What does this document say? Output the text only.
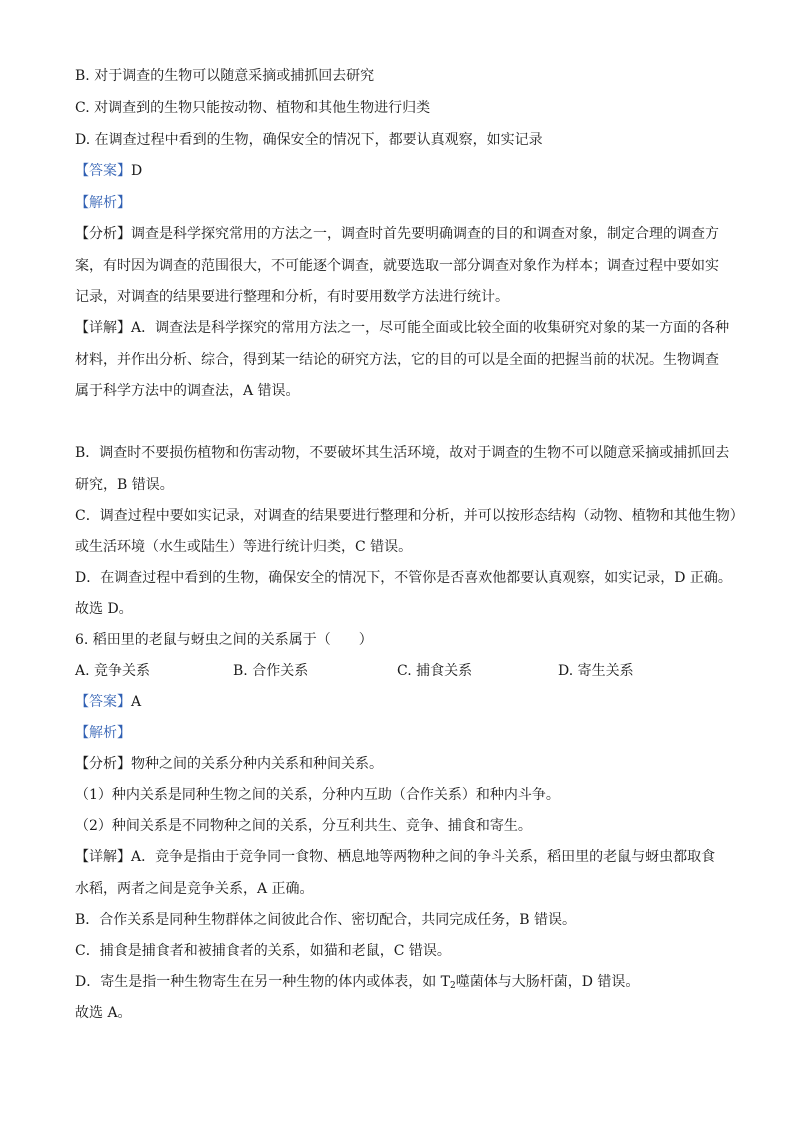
B. 对于调查的生物可以随意采摘或捕抓回去研究
C. 对调查到的生物只能按动物、植物和其他生物进行归类
D. 在调查过程中看到的生物，确保安全的情况下，都要认真观察，如实记录
【答案】D
【解析】
【分析】调查是科学探究常用的方法之一，调查时首先要明确调查的目的和调查对象，制定合理的调查方
案，有时因为调查的范围很大，不可能逐个调查，就要选取一部分调查对象作为样本；调查过程中要如实
记录，对调查的结果要进行整理和分析，有时要用数学方法进行统计。
【详解】A．调查法是科学探究的常用方法之一，尽可能全面或比较全面的收集研究对象的某一方面的各种
材料，并作出分析、综合，得到某一结论的研究方法，它的目的可以是全面的把握当前的状况。生物调查
属于科学方法中的调查法，A 错误。
B．调查时不要损伤植物和伤害动物，不要破坏其生活环境，故对于调查的生物不可以随意采摘或捕抓回去
研究，B 错误。
C．调查过程中要如实记录，对调查的结果要进行整理和分析，并可以按形态结构（动物、植物和其他生物）
或生活环境（水生或陆生）等进行统计归类，C 错误。
D．在调查过程中看到的生物，确保安全的情况下，不管你是否喜欢他都要认真观察，如实记录，D 正确。
故选 D。
6. 稻田里的老鼠与蚜虫之间的关系属于（　　）
A. 竞争关系	B. 合作关系	C. 捕食关系	D. 寄生关系
【答案】A
【解析】
【分析】物种之间的关系分种内关系和种间关系。
（1）种内关系是同种生物之间的关系，分种内互助（合作关系）和种内斗争。
（2）种间关系是不同物种之间的关系，分互利共生、竞争、捕食和寄生。
【详解】A．竞争是指由于竞争同一食物、栖息地等两物种之间的争斗关系，稻田里的老鼠与蚜虫都取食
水稻，两者之间是竞争关系，A 正确。
B．合作关系是同种生物群体之间彼此合作、密切配合，共同完成任务，B 错误。
C．捕食是捕食者和被捕食者的关系，如猫和老鼠，C 错误。
D．寄生是指一种生物寄生在另一种生物的体内或体表，如 $T_2$噬菌体与大肠杆菌，D 错误。
故选 A。
